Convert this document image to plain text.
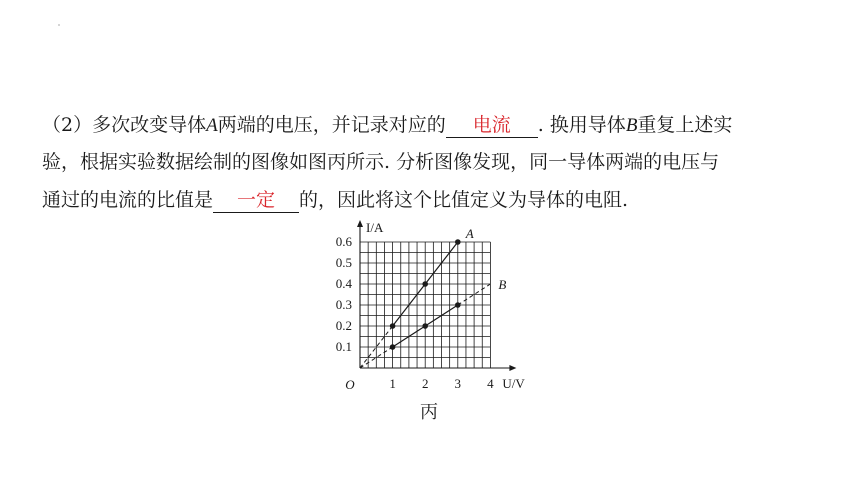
（2）多次改变导体A两端的电压，并记录对应的 电流 . 换用导体B重复上述实
验，根据实验数据绘制的图像如图丙所示. 分析图像发现，同一导体两端的电压与
通过的电流的比值是 一定 的，因此将这个比值定义为导体的电阻.
A
B
1 2 3 4
0.1
0.2
0.3
0.4
0.5
0.6
O	U/V
I/A
丙
